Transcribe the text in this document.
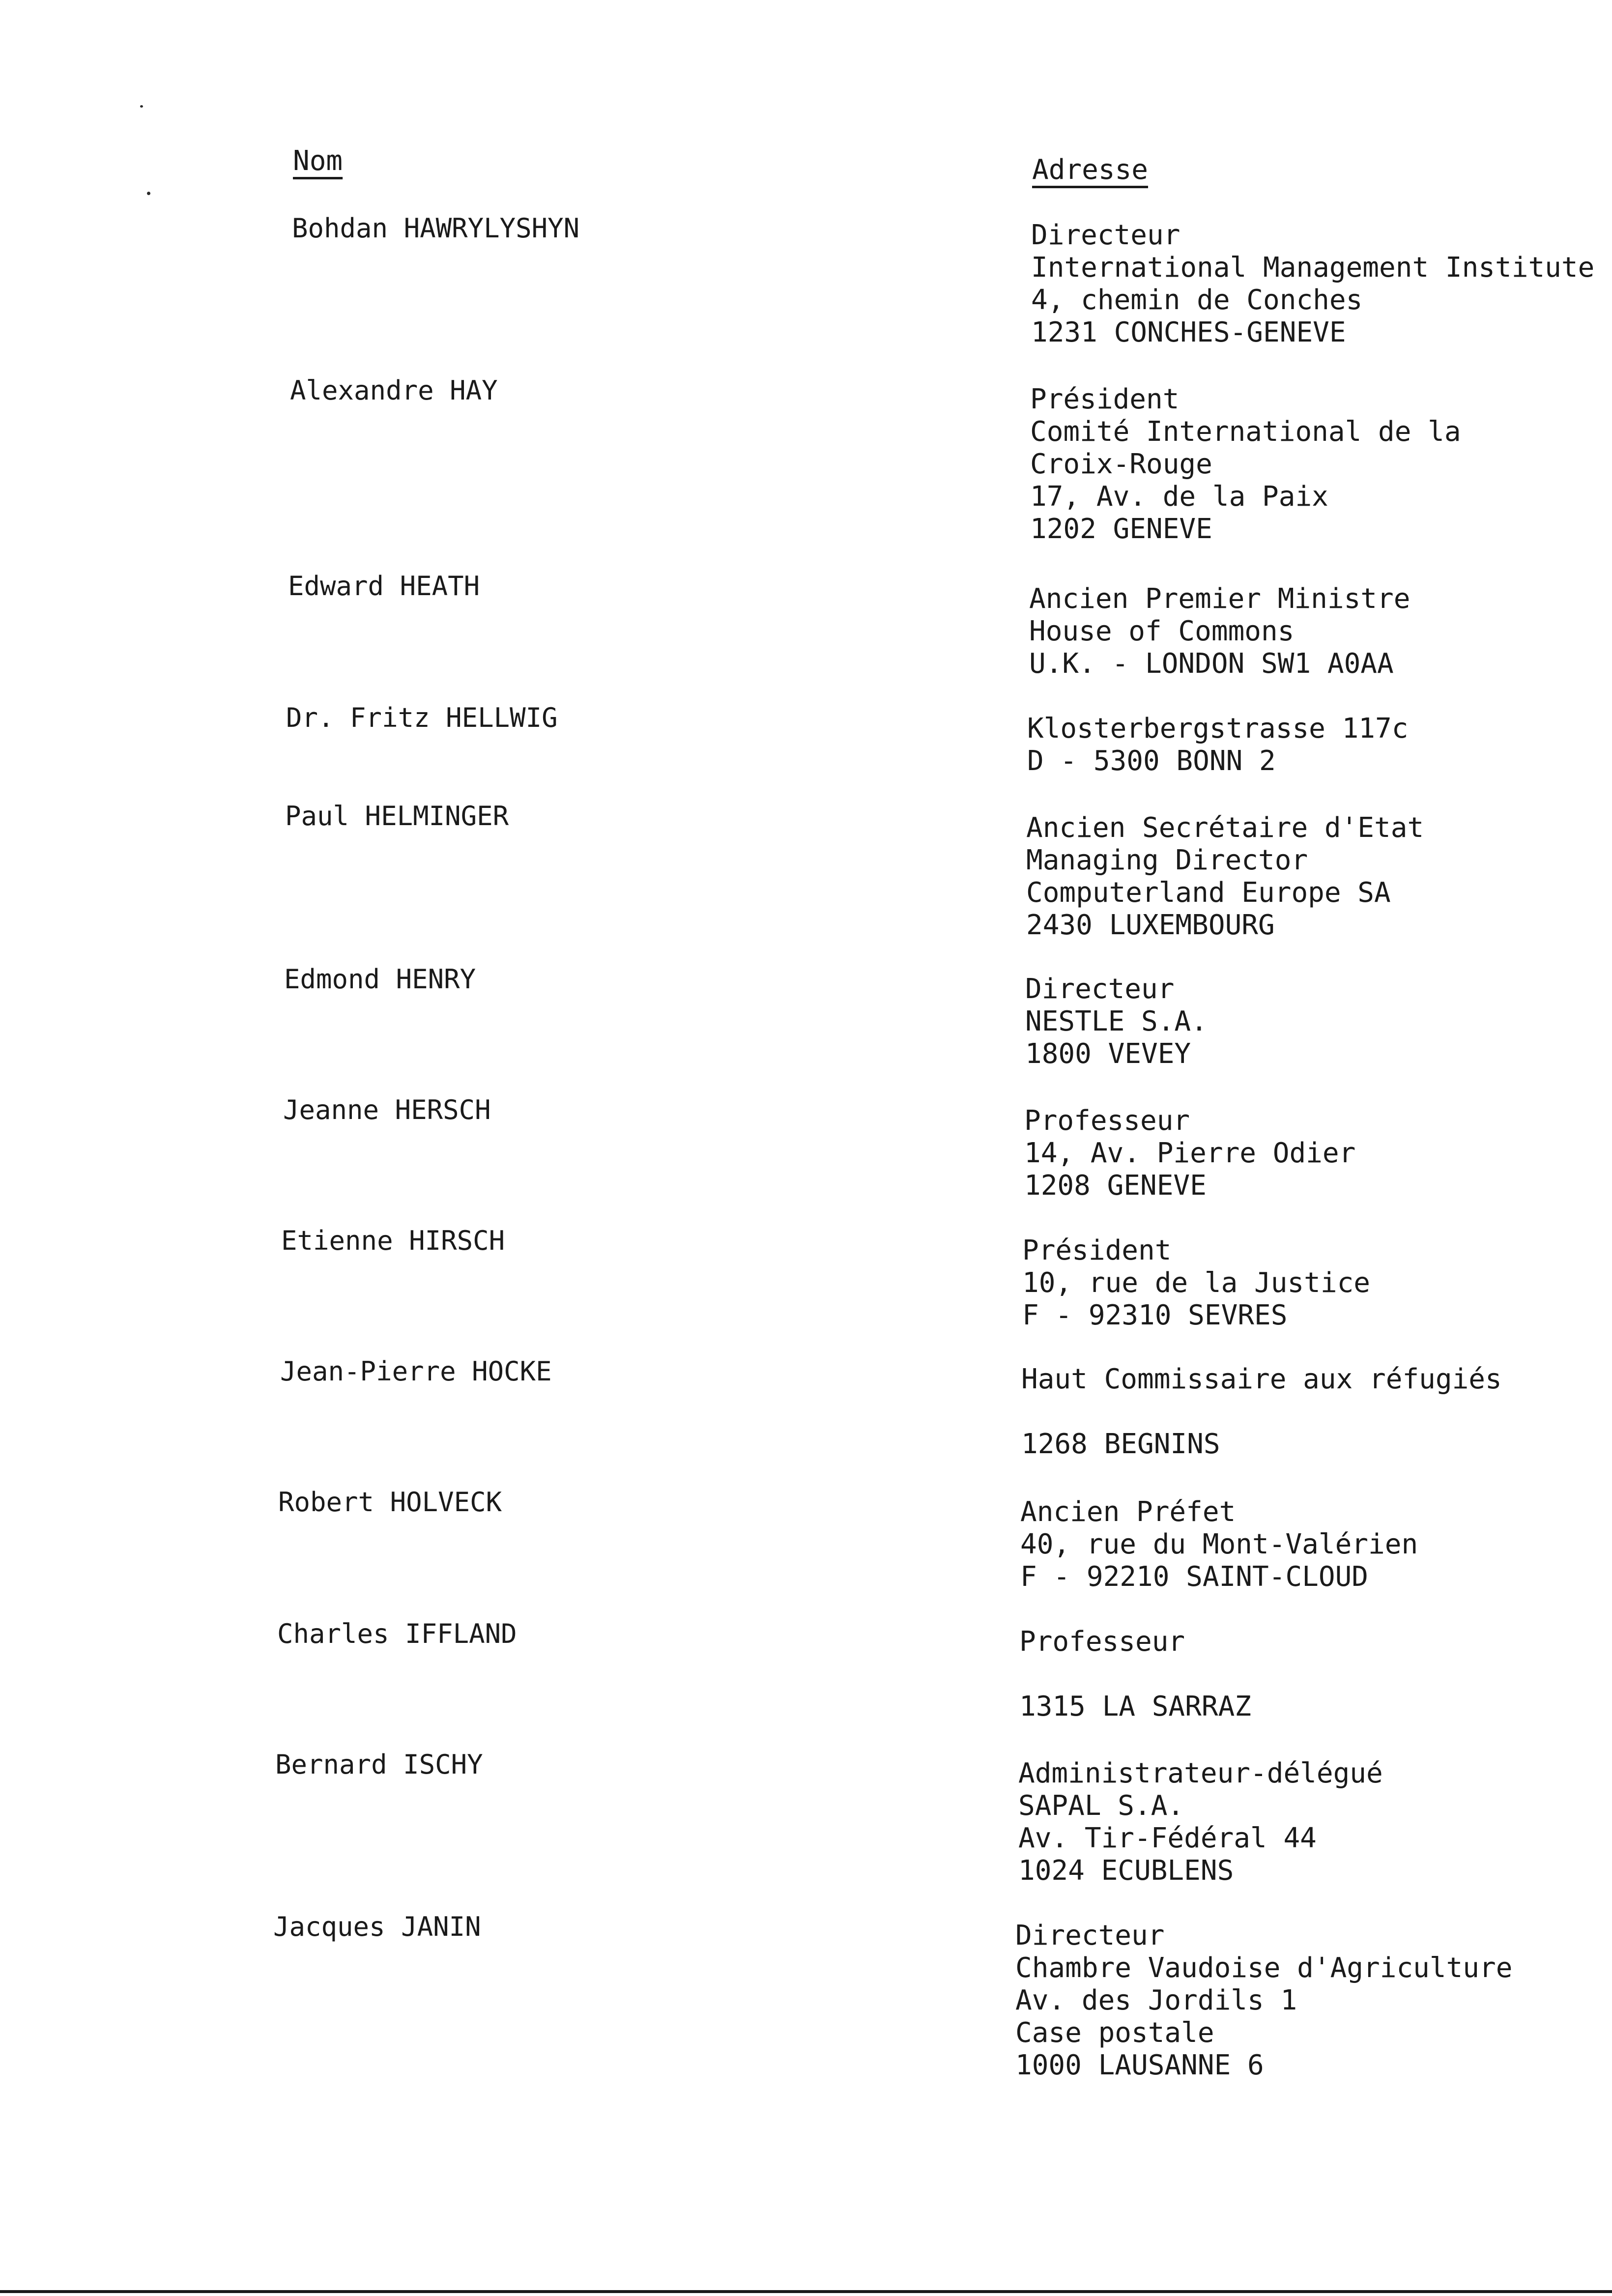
Nom	Adresse
Bohdan HAWRYLYSHYN	Directeur
International Management Institute
4, chemin de Conches
1231 CONCHES-GENEVE
Alexandre HAY	Président
Comité International de la
Croix-Rouge
17, Av. de la Paix
1202 GENEVE
Edward HEATH	Ancien Premier Ministre
House of Commons
U.K. - LONDON SW1 A0AA
Dr. Fritz HELLWIG	Klosterbergstrasse 117c
D - 5300 BONN 2
Paul HELMINGER	Ancien Secrétaire d'Etat
Managing Director
Computerland Europe SA
2430 LUXEMBOURG
Edmond HENRY	Directeur
NESTLE S.A.
1800 VEVEY
Jeanne HERSCH	Professeur
14, Av. Pierre Odier
1208 GENEVE
Etienne HIRSCH	Président
10, rue de la Justice
F - 92310 SEVRES
Jean-Pierre HOCKE	Haut Commissaire aux réfugiés
1268 BEGNINS
Robert HOLVECK	Ancien Préfet
40, rue du Mont-Valérien
F - 92210 SAINT-CLOUD
Charles IFFLAND	Professeur
1315 LA SARRAZ
Bernard ISCHY	Administrateur-délégué
SAPAL S.A.
Av. Tir-Fédéral 44
1024 ECUBLENS
Jacques JANIN	Directeur
Chambre Vaudoise d'Agriculture
Av. des Jordils 1
Case postale
1000 LAUSANNE 6
